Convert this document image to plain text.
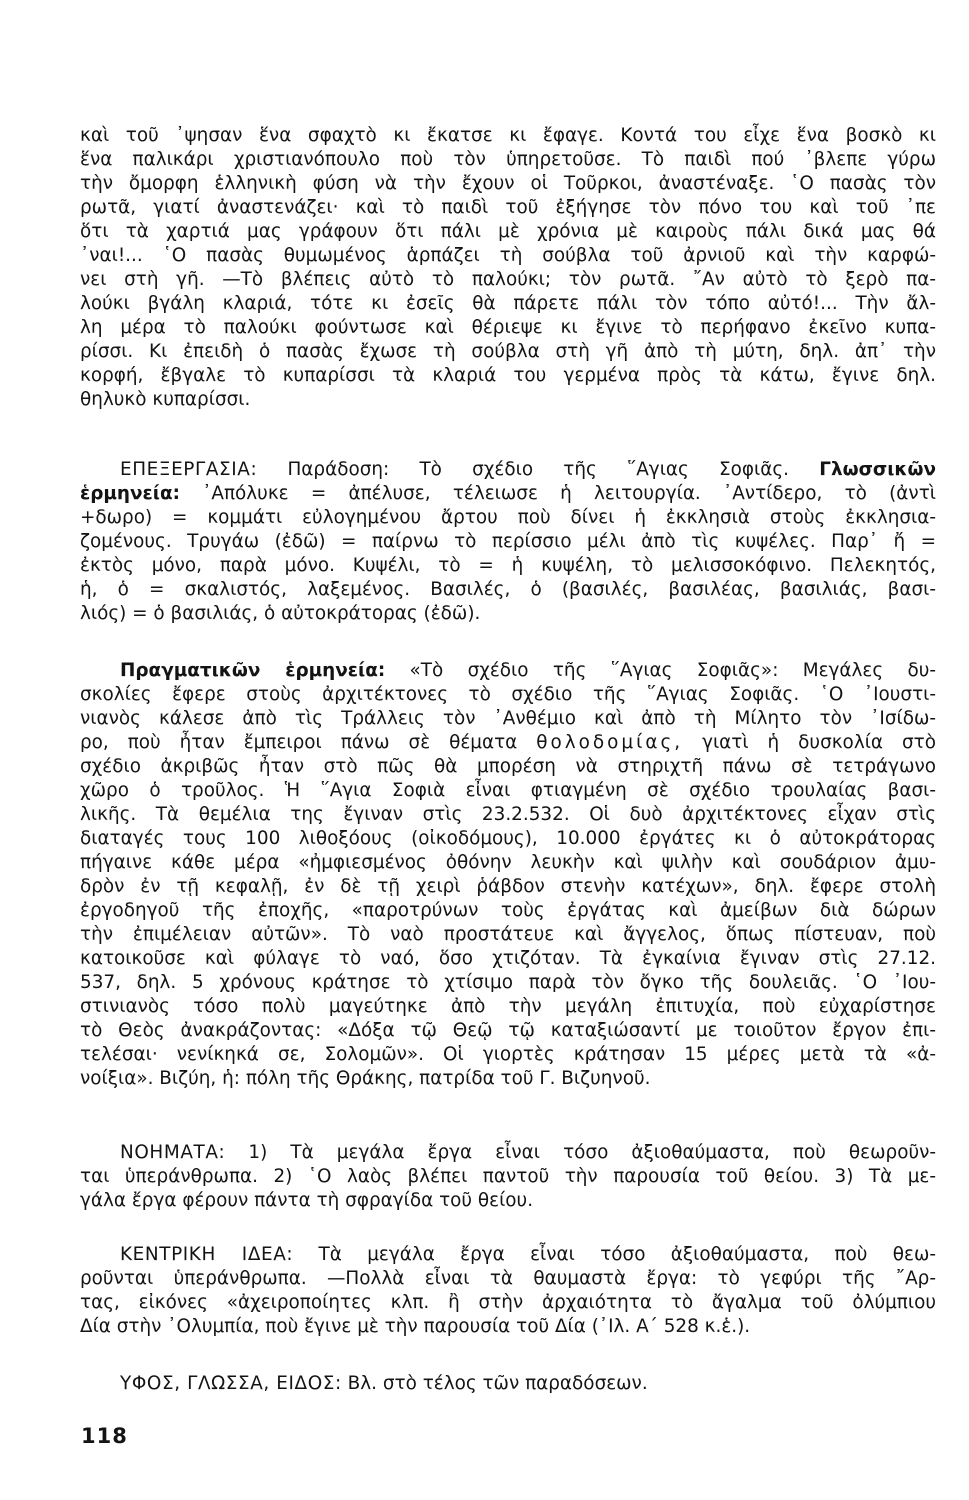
καὶ τοῦ ᾿ψησαν ἕνα σφαχτὸ κι ἔκατσε κι ἔφαγε. Κοντά του εἶχε ἕνα βοσκὸ κι
ἕνα παλικάρι χριστιανόπουλο ποὺ τὸν ὑπηρετοῦσε. Τὸ παιδὶ πού ᾿βλεπε γύρω
τὴν ὄμορφη ἑλληνικὴ φύση νὰ τὴν ἔχουν οἱ Τοῦρκοι, ἀναστέναξε. ῾Ο πασὰς τὸν
ρωτᾶ, γιατί ἀναστενάζει· καὶ τὸ παιδὶ τοῦ ἐξήγησε τὸν πόνο του καὶ τοῦ ᾿πε
ὅτι τὰ χαρτιά μας γράφουν ὅτι πάλι μὲ χρόνια μὲ καιροὺς πάλι δικά μας θά
᾿ναι!... ῾Ο πασὰς θυμωμένος ἁρπάζει τὴ σούβλα τοῦ ἀρνιοῦ καὶ τὴν καρφώ-
νει στὴ γῆ. —Τὸ βλέπεις αὐτὸ τὸ παλούκι; τὸν ρωτᾶ. ῎Αν αὐτὸ τὸ ξερὸ πα-
λούκι βγάλη κλαριά, τότε κι ἐσεῖς θὰ πάρετε πάλι τὸν τόπο αὐτό!... Τὴν ἄλ-
λη μέρα τὸ παλούκι φούντωσε καὶ θέριεψε κι ἔγινε τὸ περήφανο ἐκεῖνο κυπα-
ρίσσι. Κι ἐπειδὴ ὁ πασὰς ἔχωσε τὴ σούβλα στὴ γῆ ἀπὸ τὴ μύτη, δηλ. ἀπ᾿ τὴν
κορφή, ἔβγαλε τὸ κυπαρίσσι τὰ κλαριά του γερμένα πρὸς τὰ κάτω, ἔγινε δηλ.
θηλυκὸ κυπαρίσσι.
ΕΠΕΞΕΡΓΑΣΙΑ: Παράδοση: Τὸ σχέδιο τῆς ῞Αγιας Σοφιᾶς. Γλωσσικῶν
ἑρμηνεία: ᾿Απόλυκε = ἀπέλυσε, τέλειωσε ἡ λειτουργία. ᾿Αντίδερο, τὸ (ἀντὶ
+δωρο) = κομμάτι εὐλογημένου ἄρτου ποὺ δίνει ἡ ἐκκλησιὰ στοὺς ἐκκλησια-
ζομένους. Τρυγάω (ἐδῶ) = παίρνω τὸ περίσσιο μέλι ἀπὸ τὶς κυψέλες. Παρ᾿ ἤ =
ἐκτὸς μόνο, παρὰ μόνο. Κυψέλι, τὸ = ἡ κυψέλη, τὸ μελισσοκόφινο. Πελεκητός,
ἡ, ὁ = σκαλιστός, λαξεμένος. Βασιλές, ὁ (βασιλές, βασιλέας, βασιλιάς, βασι-
λιός) = ὁ βασιλιάς, ὁ αὐτοκράτορας (ἐδῶ).
Πραγματικῶν ἑρμηνεία: «Τὸ σχέδιο τῆς ῞Αγιας Σοφιᾶς»: Μεγάλες δυ-
σκολίες ἔφερε στοὺς ἀρχιτέκτονες τὸ σχέδιο τῆς ῞Αγιας Σοφιᾶς. ῾Ο ᾿Ιουστι-
νιανὸς κάλεσε ἀπὸ τὶς Τράλλεις τὸν ᾿Ανθέμιο καὶ ἀπὸ τὴ Μίλητο τὸν ᾿Ισίδω-
ρο, ποὺ ἦταν ἔμπειροι πάνω σὲ θέματα θολοδομίας, γιατὶ ἡ δυσκολία στὸ
σχέδιο ἀκριβῶς ἦταν στὸ πῶς θὰ μπορέση νὰ στηριχτῆ πάνω σὲ τετράγωνο
χῶρο ὁ τροῦλος. Ἡ ῞Αγια Σοφιὰ εἶναι φτιαγμένη σὲ σχέδιο τρουλαίας βασι-
λικῆς. Τὰ θεμέλια της ἔγιναν στὶς 23.2.532. Οἱ δυὸ ἀρχιτέκτονες εἶχαν στὶς
διαταγές τους 100 λιθοξόους (οἰκοδόμους), 10.000 ἐργάτες κι ὁ αὐτοκράτορας
πήγαινε κάθε μέρα «ἠμφιεσμένος ὀθόνην λευκὴν καὶ ψιλὴν καὶ σουδάριον ἀμυ-
δρὸν ἐν τῇ κεφαλῇ, ἐν δὲ τῇ χειρὶ ῥάβδον στενὴν κατέχων», δηλ. ἔφερε στολὴ
ἐργοδηγοῦ τῆς ἐποχῆς, «παροτρύνων τοὺς ἐργάτας καὶ ἀμείβων διὰ δώρων
τὴν ἐπιμέλειαν αὐτῶν». Τὸ ναὸ προστάτευε καὶ ἄγγελος, ὅπως πίστευαν, ποὺ
κατοικοῦσε καὶ φύλαγε τὸ ναό, ὅσο χτιζόταν. Τὰ ἐγκαίνια ἔγιναν στὶς 27.12.
537, δηλ. 5 χρόνους κράτησε τὸ χτίσιμο παρὰ τὸν ὄγκο τῆς δουλειᾶς. ῾Ο ᾿Ιου-
στινιανὸς τόσο πολὺ μαγεύτηκε ἀπὸ τὴν μεγάλη ἐπιτυχία, ποὺ εὐχαρίστησε
τὸ Θεὸς ἀνακράζοντας: «Δόξα τῷ Θεῷ τῷ καταξιώσαντί με τοιοῦτον ἔργον ἐπι-
τελέσαι· νενίκηκά σε, Σολομῶν». Οἱ γιορτὲς κράτησαν 15 μέρες μετὰ τὰ «ἀ-
νοίξια». Βιζύη, ἡ: πόλη τῆς Θράκης, πατρίδα τοῦ Γ. Βιζυηνοῦ.
ΝΟΗΜΑΤΑ: 1) Τὰ μεγάλα ἔργα εἶναι τόσο ἀξιοθαύμαστα, ποὺ θεωροῦν-
ται ὑπεράνθρωπα. 2) ῾Ο λαὸς βλέπει παντοῦ τὴν παρουσία τοῦ θείου. 3) Τὰ με-
γάλα ἔργα φέρουν πάντα τὴ σφραγίδα τοῦ θείου.
ΚΕΝΤΡΙΚΗ ΙΔΕΑ: Τὰ μεγάλα ἔργα εἶναι τόσο ἀξιοθαύμαστα, ποὺ θεω-
ροῦνται ὑπεράνθρωπα. —Πολλὰ εἶναι τὰ θαυμαστὰ ἔργα: τὸ γεφύρι τῆς ῎Αρ-
τας, εἰκόνες «ἀχειροποίητες κλπ. ἢ στὴν ἀρχαιότητα τὸ ἄγαλμα τοῦ ὀλύμπιου
Δία στὴν ᾿Ολυμπία, ποὺ ἔγινε μὲ τὴν παρουσία τοῦ Δία (᾿Ιλ. Α΄ 528 κ.ἑ.).
ΥΦΟΣ, ΓΛΩΣΣΑ, ΕΙΔΟΣ: Βλ. στὸ τέλος τῶν παραδόσεων.
118
